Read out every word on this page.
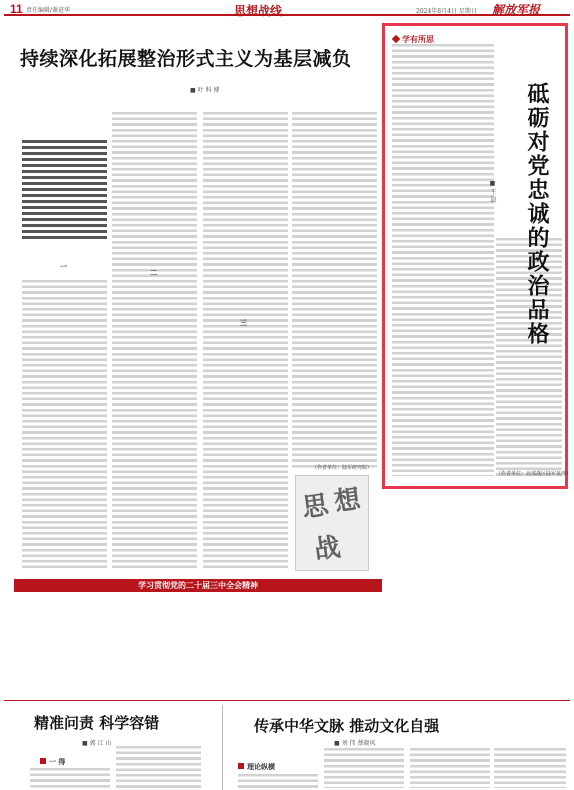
11 责任编辑/谢进华	思想战线	2024年8月4日 星期日 解放军报
持续深化拓展整治形式主义为基层减负
■ 叶 科 博
一
二
三
（作者单位：陆军研究院）
思 想
战
学习贯彻党的二十届三中全会精神
学有所思
砥砺对党忠诚的政治品格
■ 王 晨
（作者单位：北部战区陆军某部）
精准问责 科学容错
■ 郭 江 山
一 得
传承中华文脉 推动文化自强
■ 刘 伟 蔡晓风
理论纵横
